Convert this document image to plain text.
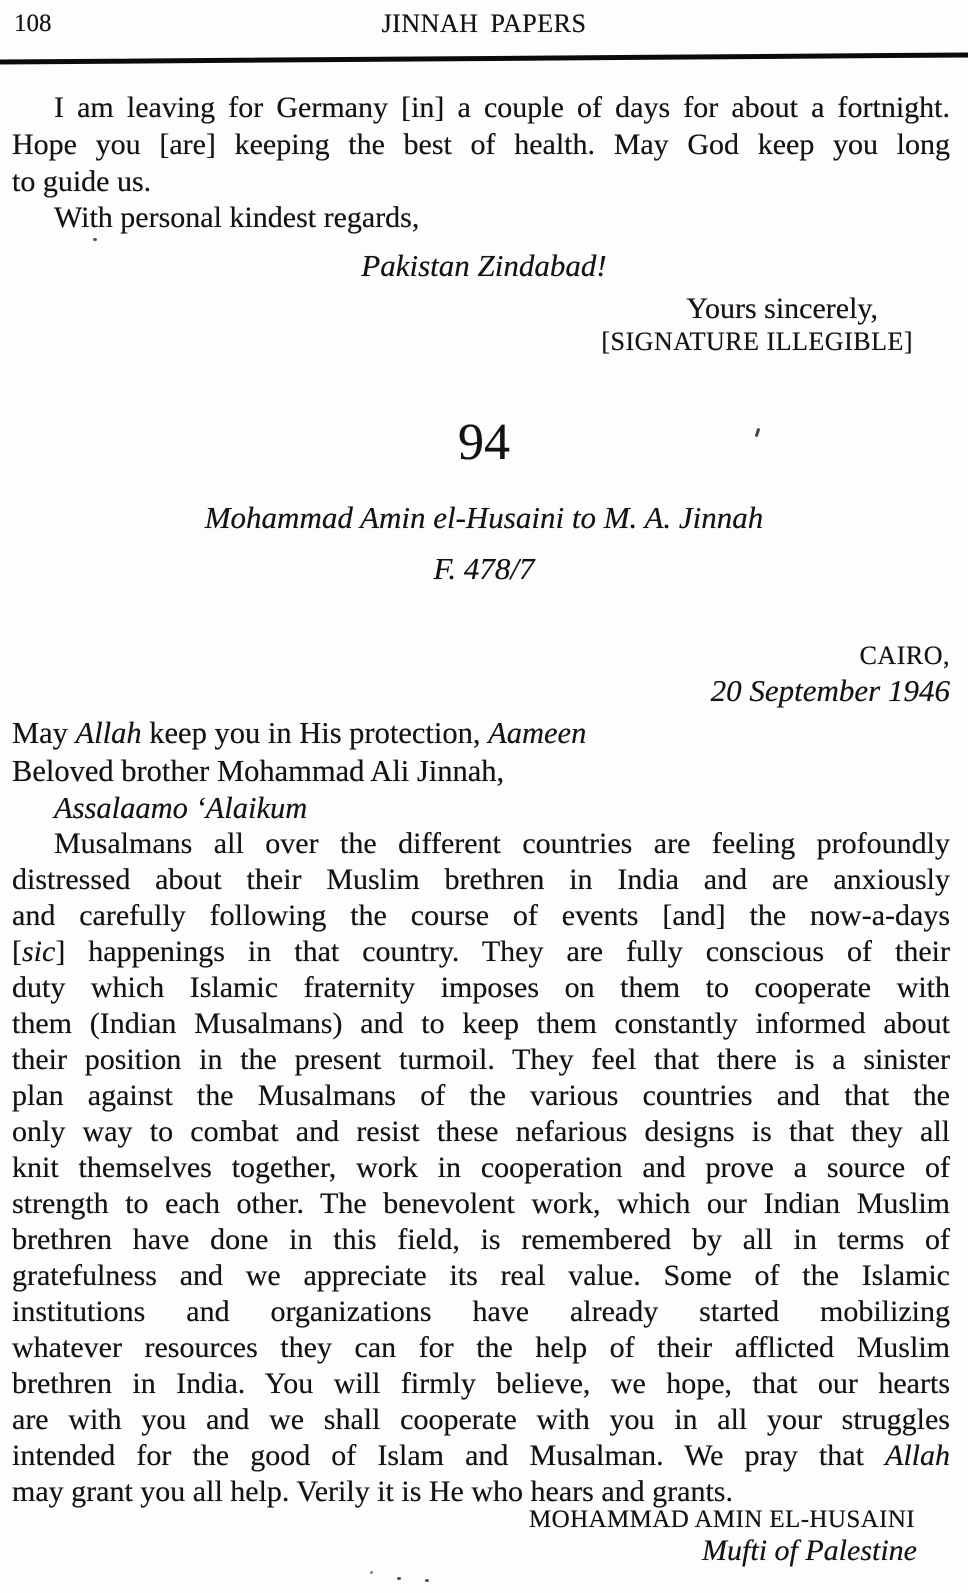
108	JINNAH PAPERS
I am leaving for Germany [in] a couple of days for about a fortnight.
Hope you [are] keeping the best of health. May God keep you long
to guide us.
With personal kindest regards,
Pakistan Zindabad!
Yours sincerely,
[SIGNATURE ILLEGIBLE]
94
Mohammad Amin el-Husaini to M. A. Jinnah
F. 478/7
CAIRO,
20 September 1946
May Allah keep you in His protection, Aameen
Beloved brother Mohammad Ali Jinnah,
Assalaamo ‘Alaikum
Musalmans all over the different countries are feeling profoundly
distressed about their Muslim brethren in India and are anxiously
and carefully following the course of events [and] the now-a-days
[sic] happenings in that country. They are fully conscious of their
duty which Islamic fraternity imposes on them to cooperate with
them (Indian Musalmans) and to keep them constantly informed about
their position in the present turmoil. They feel that there is a sinister
plan against the Musalmans of the various countries and that the
only way to combat and resist these nefarious designs is that they all
knit themselves together, work in cooperation and prove a source of
strength to each other. The benevolent work, which our Indian Muslim
brethren have done in this field, is remembered by all in terms of
gratefulness and we appreciate its real value. Some of the Islamic
institutions and organizations have already started mobilizing
whatever resources they can for the help of their afflicted Muslim
brethren in India. You will firmly believe, we hope, that our hearts
are with you and we shall cooperate with you in all your struggles
intended for the good of Islam and Musalman. We pray that Allah
may grant you all help. Verily it is He who hears and grants.
MOHAMMAD AMIN EL-HUSAINI
Mufti of Palestine
